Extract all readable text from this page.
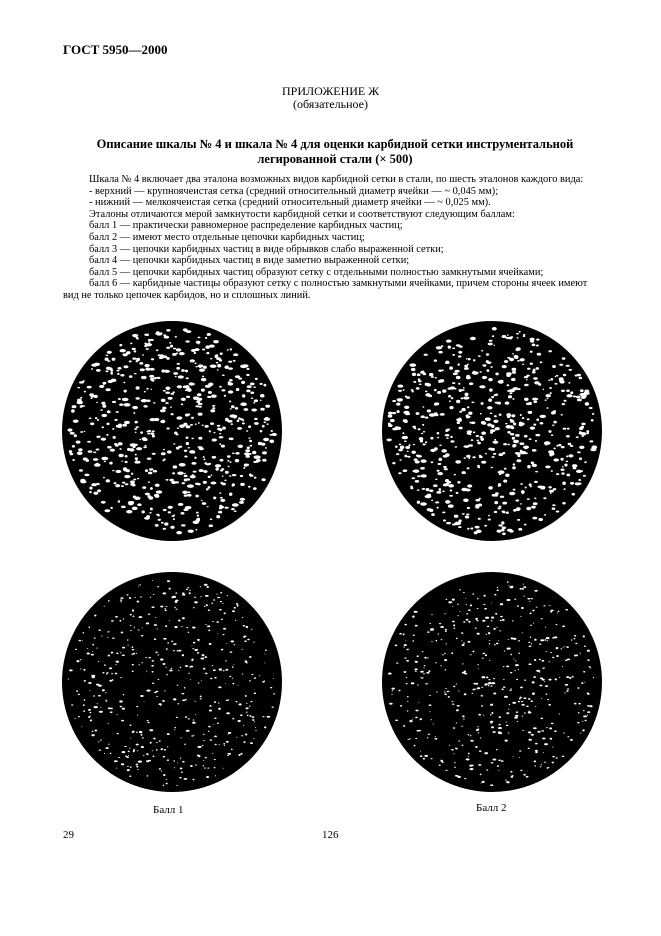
ГОСТ 5950—2000
ПРИЛОЖЕНИЕ Ж
(обязательное)
Описание шкалы № 4 и шкала № 4 для оценки карбидной сетки инструментальной легированной стали (× 500)

Шкала № 4 включает два эталона возможных видов карбидной сетки в стали, по шесть эталонов каждого вида:

- верхний — крупноячеистая сетка (средний относительный диаметр ячейки — ~ 0,045 мм);

- нижний — мелкоячеистая сетка (средний относительный диаметр ячейки — ~ 0,025 мм).

Эталоны отличаются мерой замкнутости карбидной сетки и соответствуют следующим баллам:

балл 1 — практически равномерное распределение карбидных частиц;

балл 2 — имеют место отдельные цепочки карбидных частиц;

балл 3 — цепочки карбидных частиц в виде обрывков слабо выраженной сетки;

балл 4 — цепочки карбидных частиц в виде заметно выраженной сетки;

балл 5 — цепочки карбидных частиц образуют сетку с отдельными полностью замкнутыми ячейками;

балл 6 — карбидные частицы образуют сетку с полностью замкнутыми ячейками, причем стороны ячеек имеют вид не только цепочек карбидов, но и сплошных линий.

Балл 1	Балл 2
29	126
